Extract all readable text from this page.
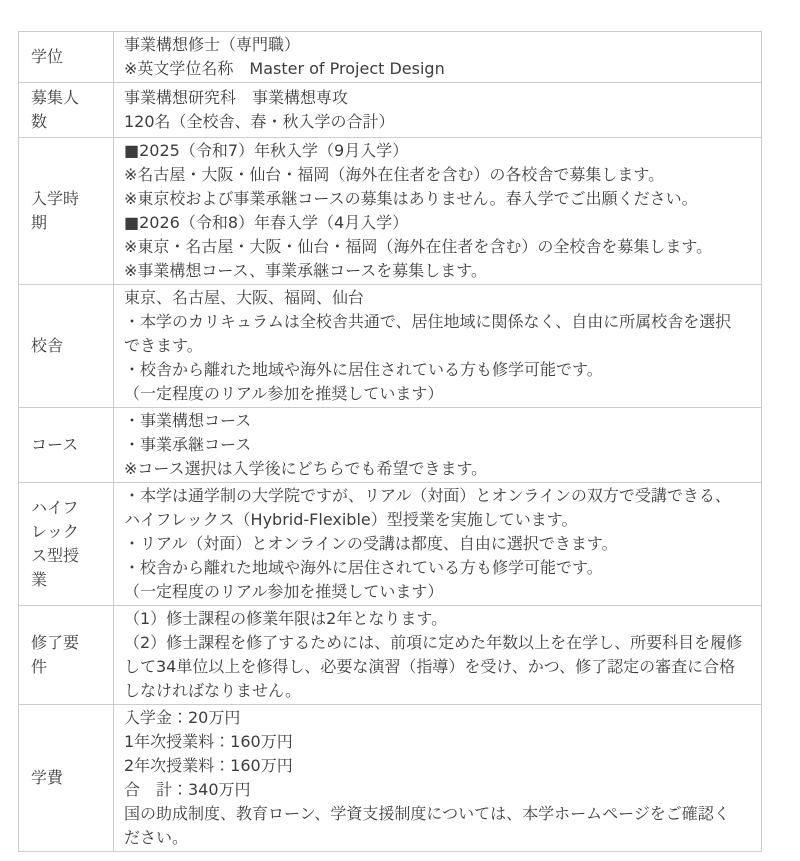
学位	事業構想修士（専門職）
※英文学位名称　Master of Project Design
募集人数	事業構想研究科　事業構想専攻
120名（全校舎、春・秋入学の合計）
入学時期	■2025（令和7）年秋入学（9月入学）
※名古屋・大阪・仙台・福岡（海外在住者を含む）の各校舎で募集します。
※東京校および事業承継コースの募集はありません。春入学でご出願ください。
■2026（令和8）年春入学（4月入学）
※東京・名古屋・大阪・仙台・福岡（海外在住者を含む）の全校舎を募集します。
※事業構想コース、事業承継コースを募集します。
校舎	東京、名古屋、大阪、福岡、仙台
・本学のカリキュラムは全校舎共通で、居住地域に関係なく、自由に所属校舎を選択
できます。
・校舎から離れた地域や海外に居住されている方も修学可能です。
（一定程度のリアル参加を推奨しています）
コース	・事業構想コース
・事業承継コース
※コース選択は入学後にどちらでも希望できます。
ハイフレックス型授業	・本学は通学制の大学院ですが、リアル（対面）とオンラインの双方で受講できる、
ハイフレックス（Hybrid-Flexible）型授業を実施しています。
・リアル（対面）とオンラインの受講は都度、自由に選択できます。
・校舎から離れた地域や海外に居住されている方も修学可能です。
（一定程度のリアル参加を推奨しています）
修了要件	（1）修士課程の修業年限は2年となります。
（2）修士課程を修了するためには、前項に定めた年数以上を在学し、所要科目を履修
して34単位以上を修得し、必要な演習（指導）を受け、かつ、修了認定の審査に合格
しなければなりません。
学費	入学金：20万円
1年次授業料：160万円
2年次授業料：160万円
合　計：340万円
国の助成制度、教育ローン、学資支援制度については、本学ホームページをご確認く
ださい。
